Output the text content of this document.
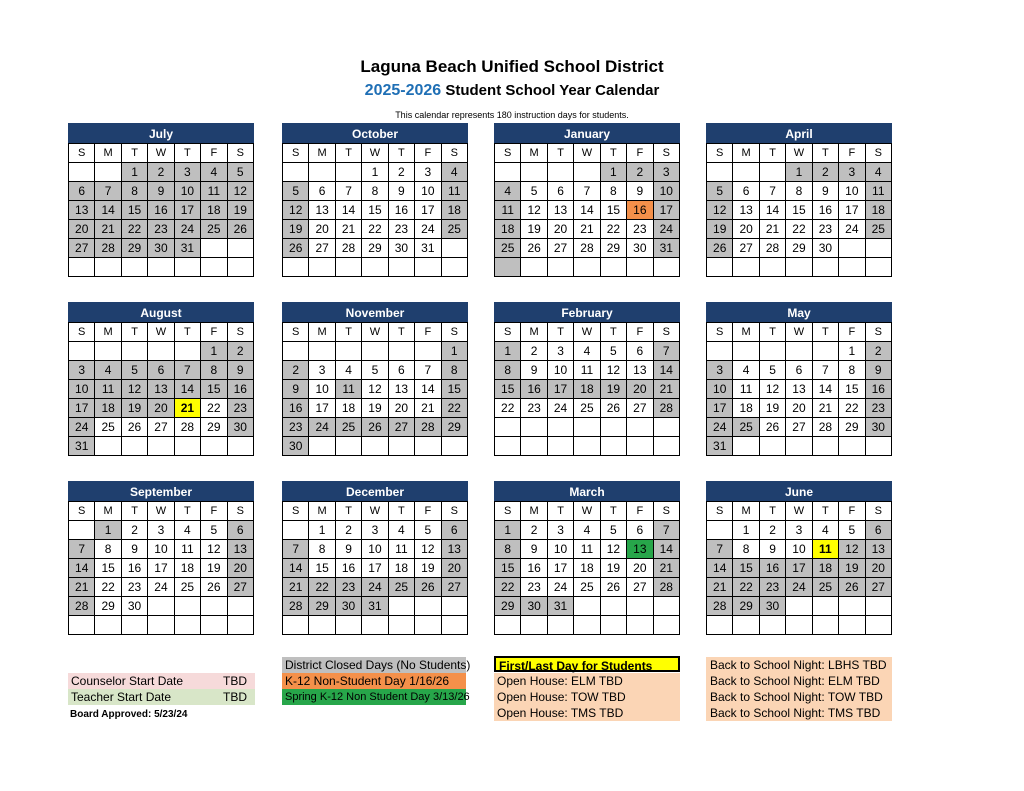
Laguna Beach Unified School District
2025-2026 Student School Year Calendar
This calendar represents 180 instruction days for students.
July
S	M	T	W	T	F	S
		1	2	3	4	5
6	7	8	9	10	11	12
13	14	15	16	17	18	19
20	21	22	23	24	25	26
27	28	29	30	31		

October
S	M	T	W	T	F	S
			1	2	3	4
5	6	7	8	9	10	11
12	13	14	15	16	17	18
19	20	21	22	23	24	25
26	27	28	29	30	31	

January
S	M	T	W	T	F	S
				1	2	3
4	5	6	7	8	9	10
11	12	13	14	15	16	17
18	19	20	21	22	23	24
25	26	27	28	29	30	31

April
S	M	T	W	T	F	S
			1	2	3	4
5	6	7	8	9	10	11
12	13	14	15	16	17	18
19	20	21	22	23	24	25
26	27	28	29	30		

August
S	M	T	W	T	F	S
					1	2
3	4	5	6	7	8	9
10	11	12	13	14	15	16
17	18	19	20	21	22	23
24	25	26	27	28	29	30
31						
November
S	M	T	W	T	F	S
						1
2	3	4	5	6	7	8
9	10	11	12	13	14	15
16	17	18	19	20	21	22
23	24	25	26	27	28	29
30						
February
S	M	T	W	T	F	S
1	2	3	4	5	6	7
8	9	10	11	12	13	14
15	16	17	18	19	20	21
22	23	24	25	26	27	28

May
S	M	T	W	T	F	S
					1	2
3	4	5	6	7	8	9
10	11	12	13	14	15	16
17	18	19	20	21	22	23
24	25	26	27	28	29	30
31						
September
S	M	T	W	T	F	S
	1	2	3	4	5	6
7	8	9	10	11	12	13
14	15	16	17	18	19	20
21	22	23	24	25	26	27
28	29	30				

December
S	M	T	W	T	F	S
	1	2	3	4	5	6
7	8	9	10	11	12	13
14	15	16	17	18	19	20
21	22	23	24	25	26	27
28	29	30	31			

March
S	M	T	W	T	F	S
1	2	3	4	5	6	7
8	9	10	11	12	13	14
15	16	17	18	19	20	21
22	23	24	25	26	27	28
29	30	31				

June
S	M	T	W	T	F	S
	1	2	3	4	5	6
7	8	9	10	11	12	13
14	15	16	17	18	19	20
21	22	23	24	25	26	27
28	29	30				

District Closed Days (No Students)
K-12 Non-Student Day 1/16/26
Spring K-12 Non Student Day 3/13/26
Counselor Start Date	TBD
Teacher Start Date	TBD
Board Approved: 5/23/24
First/Last Day for Students
Open House: ELM TBD
Open House: TOW TBD
Open House: TMS TBD
Back to School Night: LBHS TBD
Back to School Night: ELM TBD
Back to School Night: TOW TBD
Back to School Night: TMS TBD
